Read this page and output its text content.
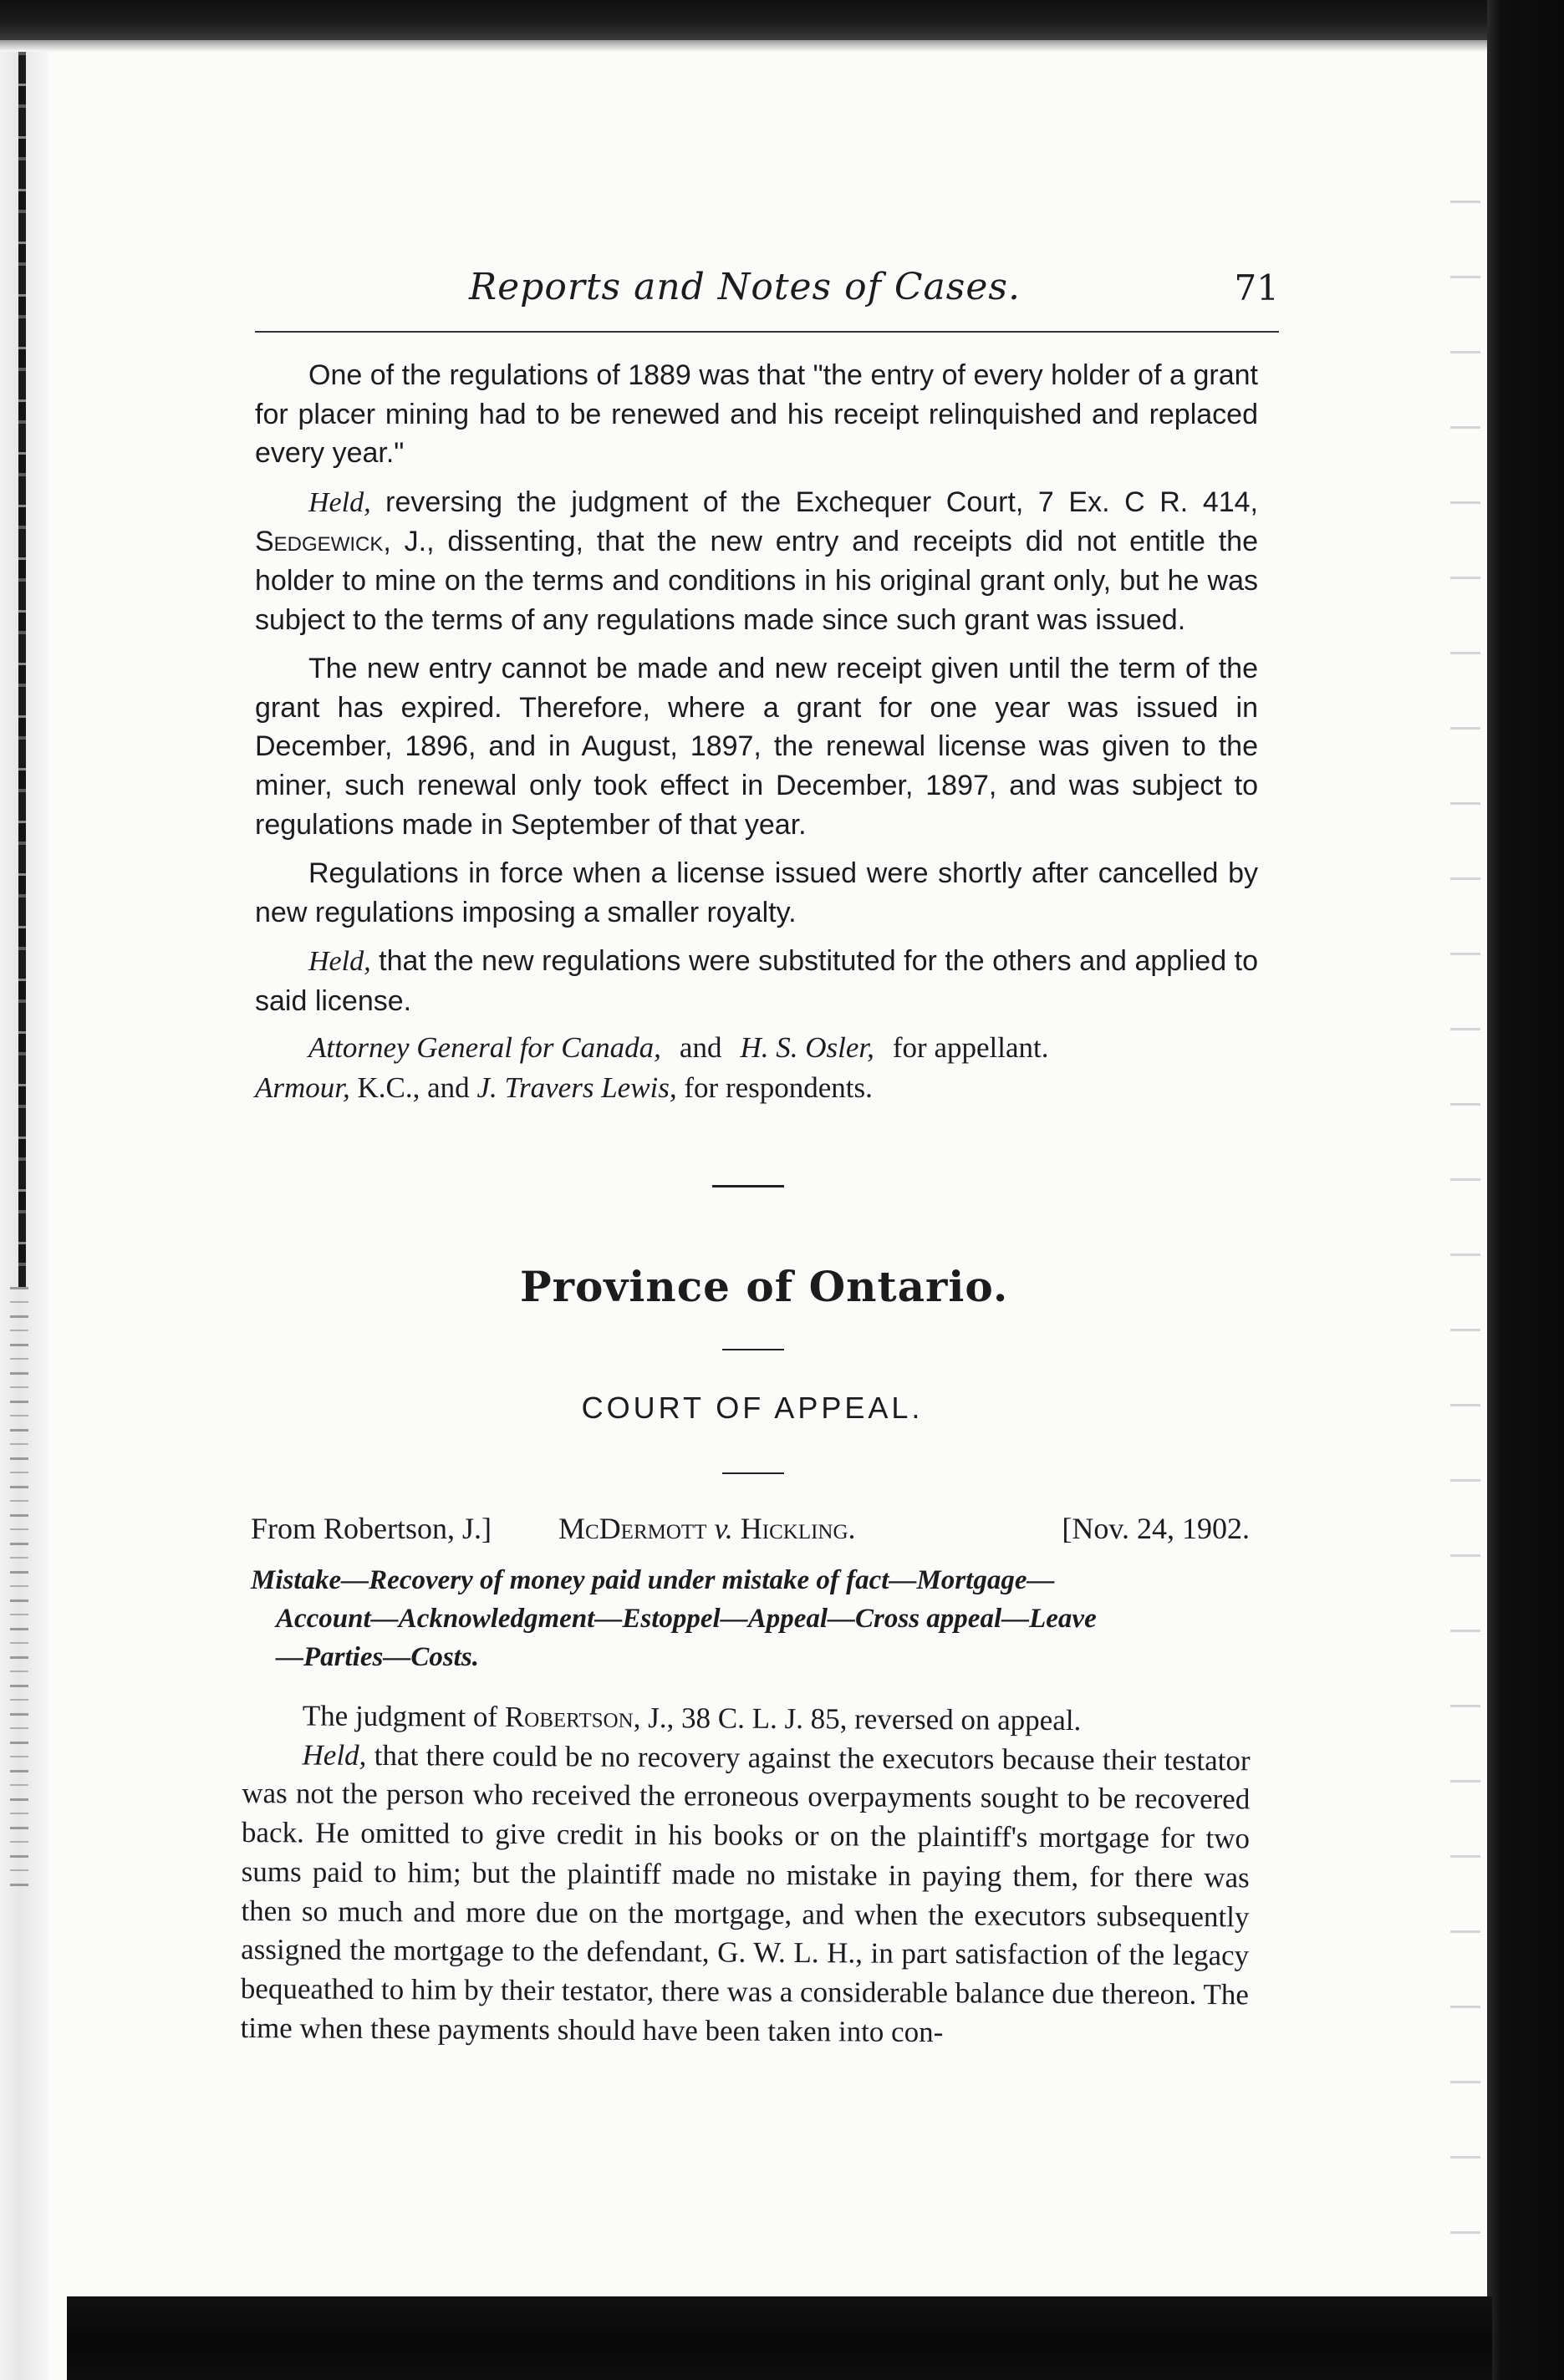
Reports and Notes of Cases.	71

One of the regulations of 1889 was that "the entry of every holder of a grant for placer mining had to be renewed and his receipt relinquished and replaced every year."

Held, reversing the judgment of the Exchequer Court, 7 Ex. C R. 414, Sedgewick, J., dissenting, that the new entry and receipts did not entitle the holder to mine on the terms and conditions in his original grant only, but he was subject to the terms of any regulations made since such grant was issued.

The new entry cannot be made and new receipt given until the term of the grant has expired. Therefore, where a grant for one year was issued in December, 1896, and in August, 1897, the renewal license was given to the miner, such renewal only took effect in December, 1897, and was subject to regulations made in September of that year.

Regulations in force when a license issued were shortly after cancelled by new regulations imposing a smaller royalty.

Held, that the new regulations were substituted for the others and applied to said license.

Attorney General for Canada, and H. S. Osler, for appellant.
Armour, K.C., and J. Travers Lewis, for respondents.
Province of Ontario.
COURT OF APPEAL.
From Robertson, J.] McDermott v. Hickling.	[Nov. 24, 1902.
Mistake—Recovery of money paid under mistake of fact—Mortgage—
Account—Acknowledgment—Estoppel—Appeal—Cross appeal—Leave
—Parties—Costs.

The judgment of Robertson, J., 38 C. L. J. 85, reversed on appeal.

Held, that there could be no recovery against the executors because their testator was not the person who received the erroneous overpayments sought to be recovered back. He omitted to give credit in his books or on the plaintiff's mortgage for two sums paid to him; but the plaintiff made no mistake in paying them, for there was then so much and more due on the mortgage, and when the executors subsequently assigned the mortgage to the defendant, G. W. L. H., in part satisfaction of the legacy bequeathed to him by their testator, there was a considerable balance due thereon. The time when these payments should have been taken into con-
